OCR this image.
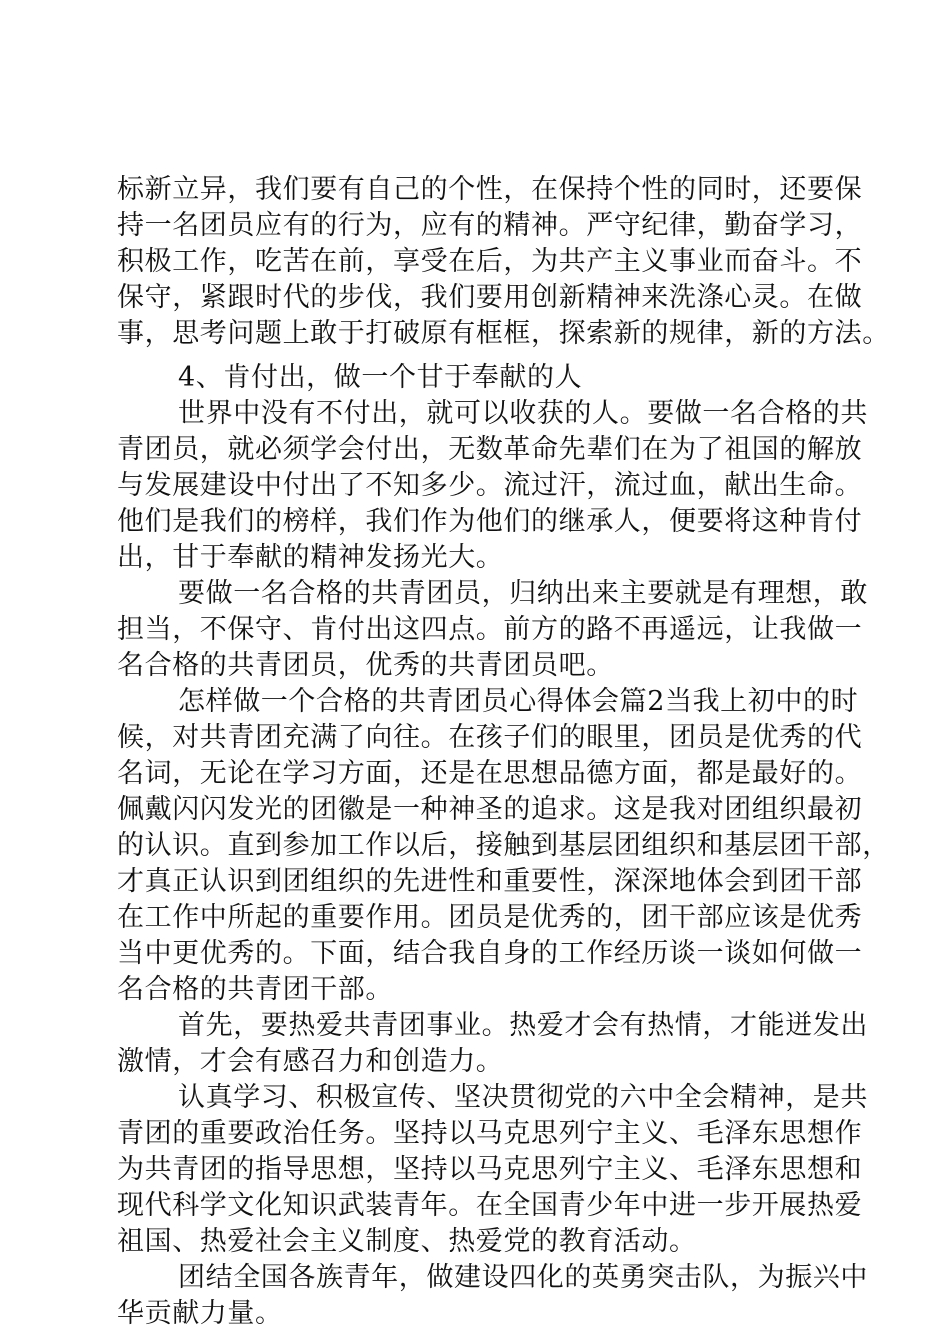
标新立异，我们要有自己的个性，在保持个性的同时，还要保
持一名团员应有的行为，应有的精神。严守纪律，勤奋学习，
积极工作，吃苦在前，享受在后，为共产主义事业而奋斗。不
保守，紧跟时代的步伐，我们要用创新精神来洗涤心灵。在做
事，思考问题上敢于打破原有框框，探索新的规律，新的方法。
4、肯付出，做一个甘于奉献的人
世界中没有不付出，就可以收获的人。要做一名合格的共
青团员，就必须学会付出，无数革命先辈们在为了祖国的解放
与发展建设中付出了不知多少。流过汗，流过血，献出生命。
他们是我们的榜样，我们作为他们的继承人，便要将这种肯付
出，甘于奉献的精神发扬光大。
要做一名合格的共青团员，归纳出来主要就是有理想，敢
担当，不保守、肯付出这四点。前方的路不再遥远，让我做一
名合格的共青团员，优秀的共青团员吧。
怎样做一个合格的共青团员心得体会篇2当我上初中的时
候，对共青团充满了向往。在孩子们的眼里，团员是优秀的代
名词，无论在学习方面，还是在思想品德方面，都是最好的。
佩戴闪闪发光的团徽是一种神圣的追求。这是我对团组织最初
的认识。直到参加工作以后，接触到基层团组织和基层团干部，
才真正认识到团组织的先进性和重要性，深深地体会到团干部
在工作中所起的重要作用。团员是优秀的，团干部应该是优秀
当中更优秀的。下面，结合我自身的工作经历谈一谈如何做一
名合格的共青团干部。
首先，要热爱共青团事业。热爱才会有热情，才能迸发出
激情，才会有感召力和创造力。
认真学习、积极宣传、坚决贯彻党的六中全会精神，是共
青团的重要政治任务。坚持以马克思列宁主义、毛泽东思想作
为共青团的指导思想，坚持以马克思列宁主义、毛泽东思想和
现代科学文化知识武装青年。在全国青少年中进一步开展热爱
祖国、热爱社会主义制度、热爱党的教育活动。
团结全国各族青年，做建设四化的英勇突击队，为振兴中
华贡献力量。
